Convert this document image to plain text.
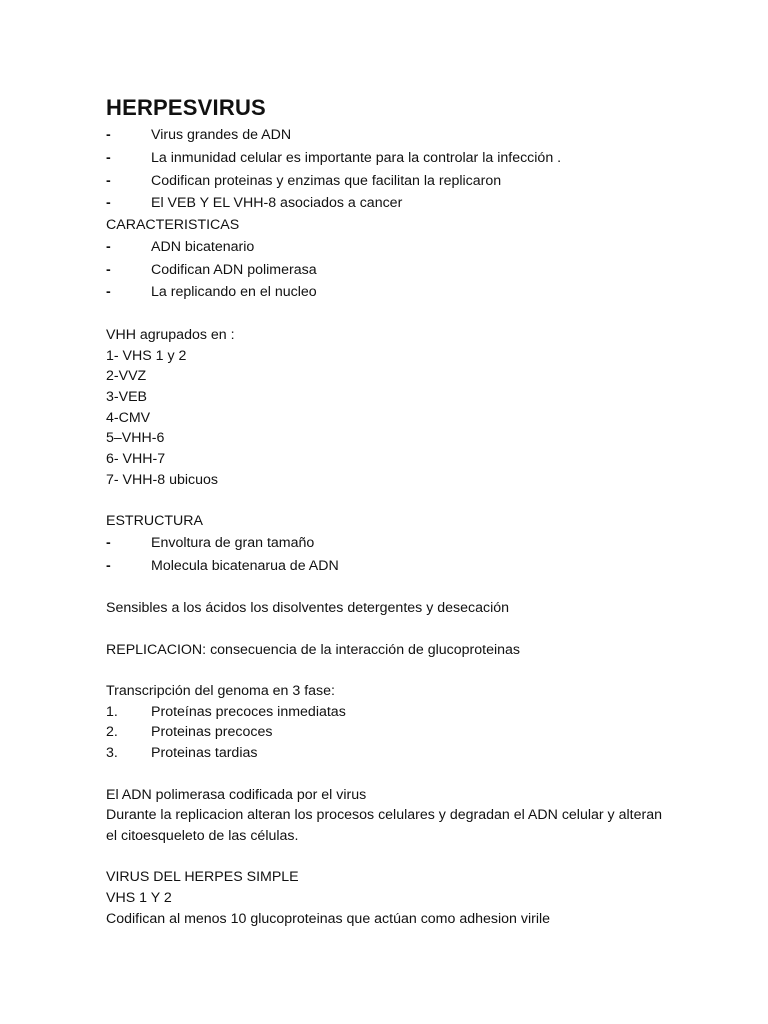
HERPESVIRUS
-	Virus grandes de ADN
-	La inmunidad celular es importante para la controlar la infección .
-	Codifican proteinas y enzimas que facilitan la replicaron
-	El VEB Y EL VHH-8 asociados a cancer
CARACTERISTICAS
-	ADN bicatenario
-	Codifican ADN polimerasa
-	La replicando en el nucleo
VHH agrupados en :
1- VHS 1 y 2
2-VVZ
3-VEB
4-CMV
5–VHH-6
6- VHH-7
7- VHH-8 ubicuos
ESTRUCTURA
-	Envoltura de gran tamaño
-	Molecula bicatenarua de ADN
Sensibles a los ácidos los disolventes detergentes y desecación
REPLICACION: consecuencia de la interacción de glucoproteinas
Transcripción del genoma en 3 fase:
1.	Proteínas precoces inmediatas
2.	Proteinas precoces
3.	Proteinas tardias
El ADN polimerasa codificada por el virus
Durante la replicacion alteran los procesos celulares y degradan el ADN celular y alteran el citoesqueleto de las células.
VIRUS DEL HERPES SIMPLE
VHS 1 Y 2
Codifican al menos 10 glucoproteinas que actúan como adhesion virile
